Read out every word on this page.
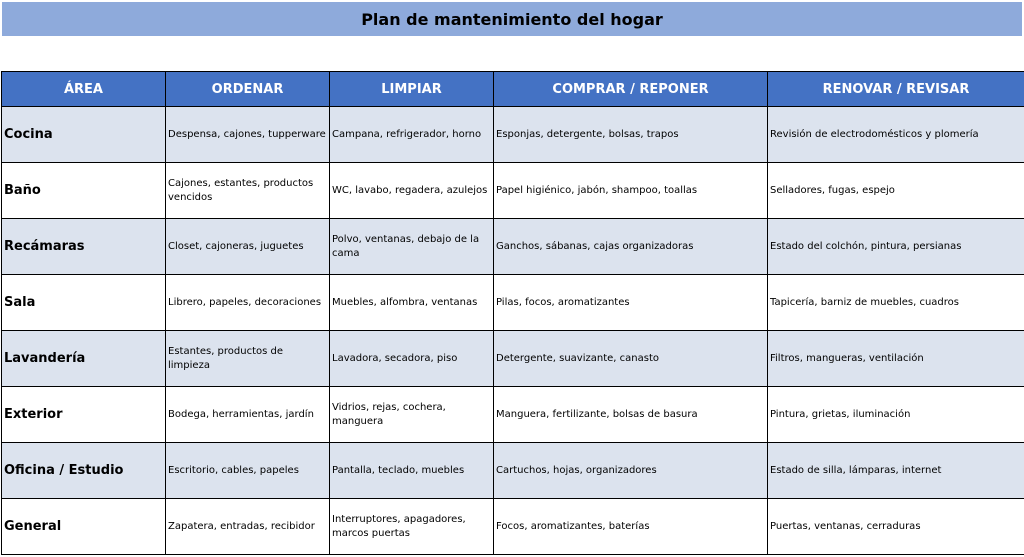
Plan de mantenimiento del hogar
ÁREA	ORDENAR	LIMPIAR	COMPRAR / REPONER	RENOVAR / REVISAR
Cocina	Despensa, cajones, tupperware	Campana, refrigerador, horno	Esponjas, detergente, bolsas, trapos	Revisión de electrodomésticos y plomería
Baño	Cajones, estantes, productos vencidos	WC, lavabo, regadera, azulejos	Papel higiénico, jabón, shampoo, toallas	Selladores, fugas, espejo
Recámaras	Closet, cajoneras, juguetes	Polvo, ventanas, debajo de la cama	Ganchos, sábanas, cajas organizadoras	Estado del colchón, pintura, persianas
Sala	Librero, papeles, decoraciones	Muebles, alfombra, ventanas	Pilas, focos, aromatizantes	Tapicería, barniz de muebles, cuadros
Lavandería	Estantes, productos de limpieza	Lavadora, secadora, piso	Detergente, suavizante, canasto	Filtros, mangueras, ventilación
Exterior	Bodega, herramientas, jardín	Vidrios, rejas, cochera, manguera	Manguera, fertilizante, bolsas de basura	Pintura, grietas, iluminación
Oficina / Estudio	Escritorio, cables, papeles	Pantalla, teclado, muebles	Cartuchos, hojas, organizadores	Estado de silla, lámparas, internet
General	Zapatera, entradas, recibidor	Interruptores, apagadores, marcos puertas	Focos, aromatizantes, baterías	Puertas, ventanas, cerraduras
